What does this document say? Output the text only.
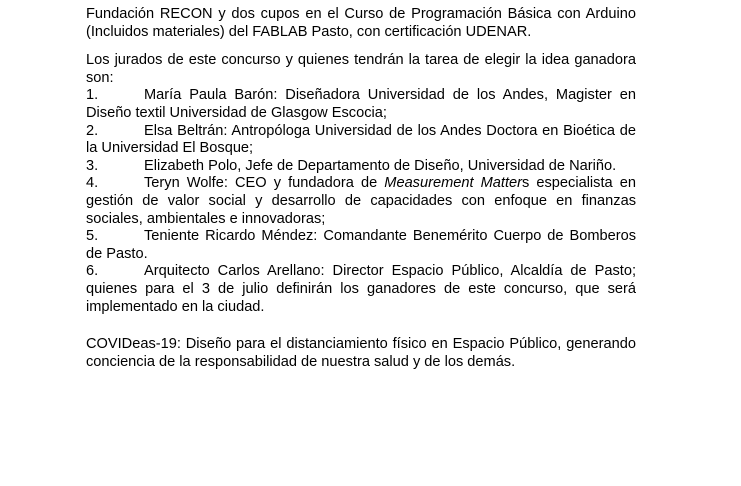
Fundación RECON y dos cupos en el Curso de Programación Básica con Arduino (Incluidos materiales) del FABLAB Pasto, con certificación UDENAR.

Los jurados de este concurso y quienes tendrán la tarea de elegir la idea ganadora son:

1.	María Paula Barón: Diseñadora Universidad de los Andes, Magister en Diseño textil Universidad de Glasgow Escocia;

2.	Elsa Beltrán: Antropóloga Universidad de los Andes Doctora en Bioética de la Universidad El Bosque;

3.	Elizabeth Polo, Jefe de Departamento de Diseño, Universidad de Nariño.

4.	Teryn Wolfe: CEO y fundadora de Measurement Matters especialista en gestión de valor social y desarrollo de capacidades con enfoque en finanzas sociales, ambientales e innovadoras;

5.	Teniente Ricardo Méndez: Comandante Benemérito Cuerpo de Bomberos de Pasto.

6.	Arquitecto Carlos Arellano: Director Espacio Público, Alcaldía de Pasto; quienes para el 3 de julio definirán los ganadores de este concurso, que será implementado en la ciudad.

COVIDeas-19: Diseño para el distanciamiento físico en Espacio Público, generando conciencia de la responsabilidad de nuestra salud y de los demás.
